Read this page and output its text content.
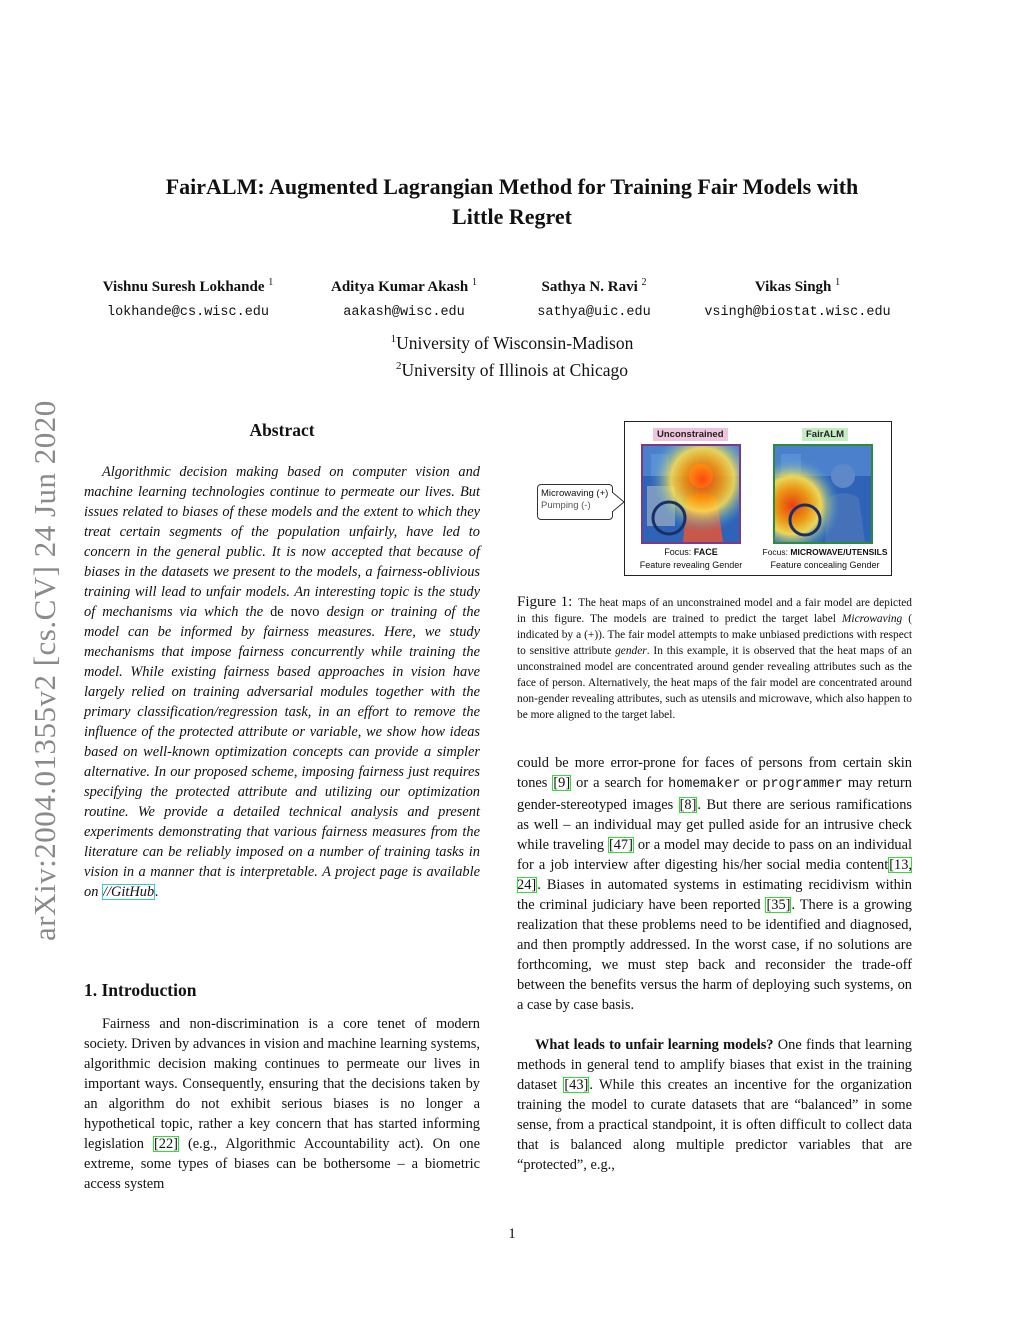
FairALM: Augmented Lagrangian Method for Training Fair Models with
Little Regret
Vishnu Suresh Lokhande $^1$
lokhande@cs.wisc.edu
Aditya Kumar Akash $^1$
aakash@wisc.edu
Sathya N. Ravi $^2$
sathya@uic.edu
Vikas Singh $^1$
vsingh@biostat.wisc.edu
$^1$University of Wisconsin-Madison
$^2$University of Illinois at Chicago
arXiv:2004.01355v2 [cs.CV] 24 Jun 2020	Abstract

Algorithmic decision making based on computer vision and machine learning technologies continue to permeate our lives. But issues related to biases of these models and the extent to which they treat certain segments of the population unfairly, have led to concern in the general public. It is now accepted that because of biases in the datasets we present to the models, a fairness-oblivious training will lead to unfair models. An interesting topic is the study of mechanisms via which the de novo design or training of the model can be informed by fairness measures. Here, we study mechanisms that impose fairness concurrently while training the model. While existing fairness based approaches in vision have largely relied on training adversarial modules together with the primary classification/regression task, in an effort to remove the influence of the protected attribute or variable, we show how ideas based on well-known optimization concepts can provide a simpler alternative. In our proposed scheme, imposing fairness just requires specifying the protected attribute and utilizing our optimization routine. We provide a detailed technical analysis and present experiments demonstrating that various fairness measures from the literature can be reliably imposed on a number of training tasks in vision in a manner that is interpretable. A project page is available on //GitHub.

1. Introduction

Fairness and non-discrimination is a core tenet of modern society. Driven by advances in vision and machine learning systems, algorithmic decision making continues to permeate our lives in important ways. Consequently, ensuring that the decisions taken by an algorithm do not exhibit serious biases is no longer a hypothetical topic, rather a key concern that has started informing legislation [22] (e.g., Algorithmic Accountability act). On one extreme, some types of biases can be bothersome – a biometric access system

Microwaving (+)
Pumping (-)
Unconstrained	FairALM
Focus: FACE
Feature revealing Gender
Focus: MICROWAVE/UTENSILS
Feature concealing Gender

Figure 1: The heat maps of an unconstrained model and a fair model are depicted in this figure. The models are trained to predict the target label Microwaving ( indicated by a (+)). The fair model attempts to make unbiased predictions with respect to sensitive attribute gender. In this example, it is observed that the heat maps of an unconstrained model are concentrated around gender revealing attributes such as the face of person. Alternatively, the heat maps of the fair model are concentrated around non-gender revealing attributes, such as utensils and microwave, which also happen to be more aligned to the target label.

could be more error-prone for faces of persons from certain skin tones [9] or a search for homemaker or programmer may return gender-stereotyped images [8]. But there are serious ramifications as well – an individual may get pulled aside for an intrusive check while traveling [47] or a model may decide to pass on an individual for a job interview after digesting his/her social media content[13, 24]. Biases in automated systems in estimating recidivism within the criminal judiciary have been reported [35]. There is a growing realization that these problems need to be identified and diagnosed, and then promptly addressed. In the worst case, if no solutions are forthcoming, we must step back and reconsider the trade-off between the benefits versus the harm of deploying such systems, on a case by case basis.

What leads to unfair learning models? One finds that learning methods in general tend to amplify biases that exist in the training dataset [43]. While this creates an incentive for the organization training the model to curate datasets that are “balanced” in some sense, from a practical standpoint, it is often difficult to collect data that is balanced along multiple predictor variables that are “protected”, e.g.,

1
